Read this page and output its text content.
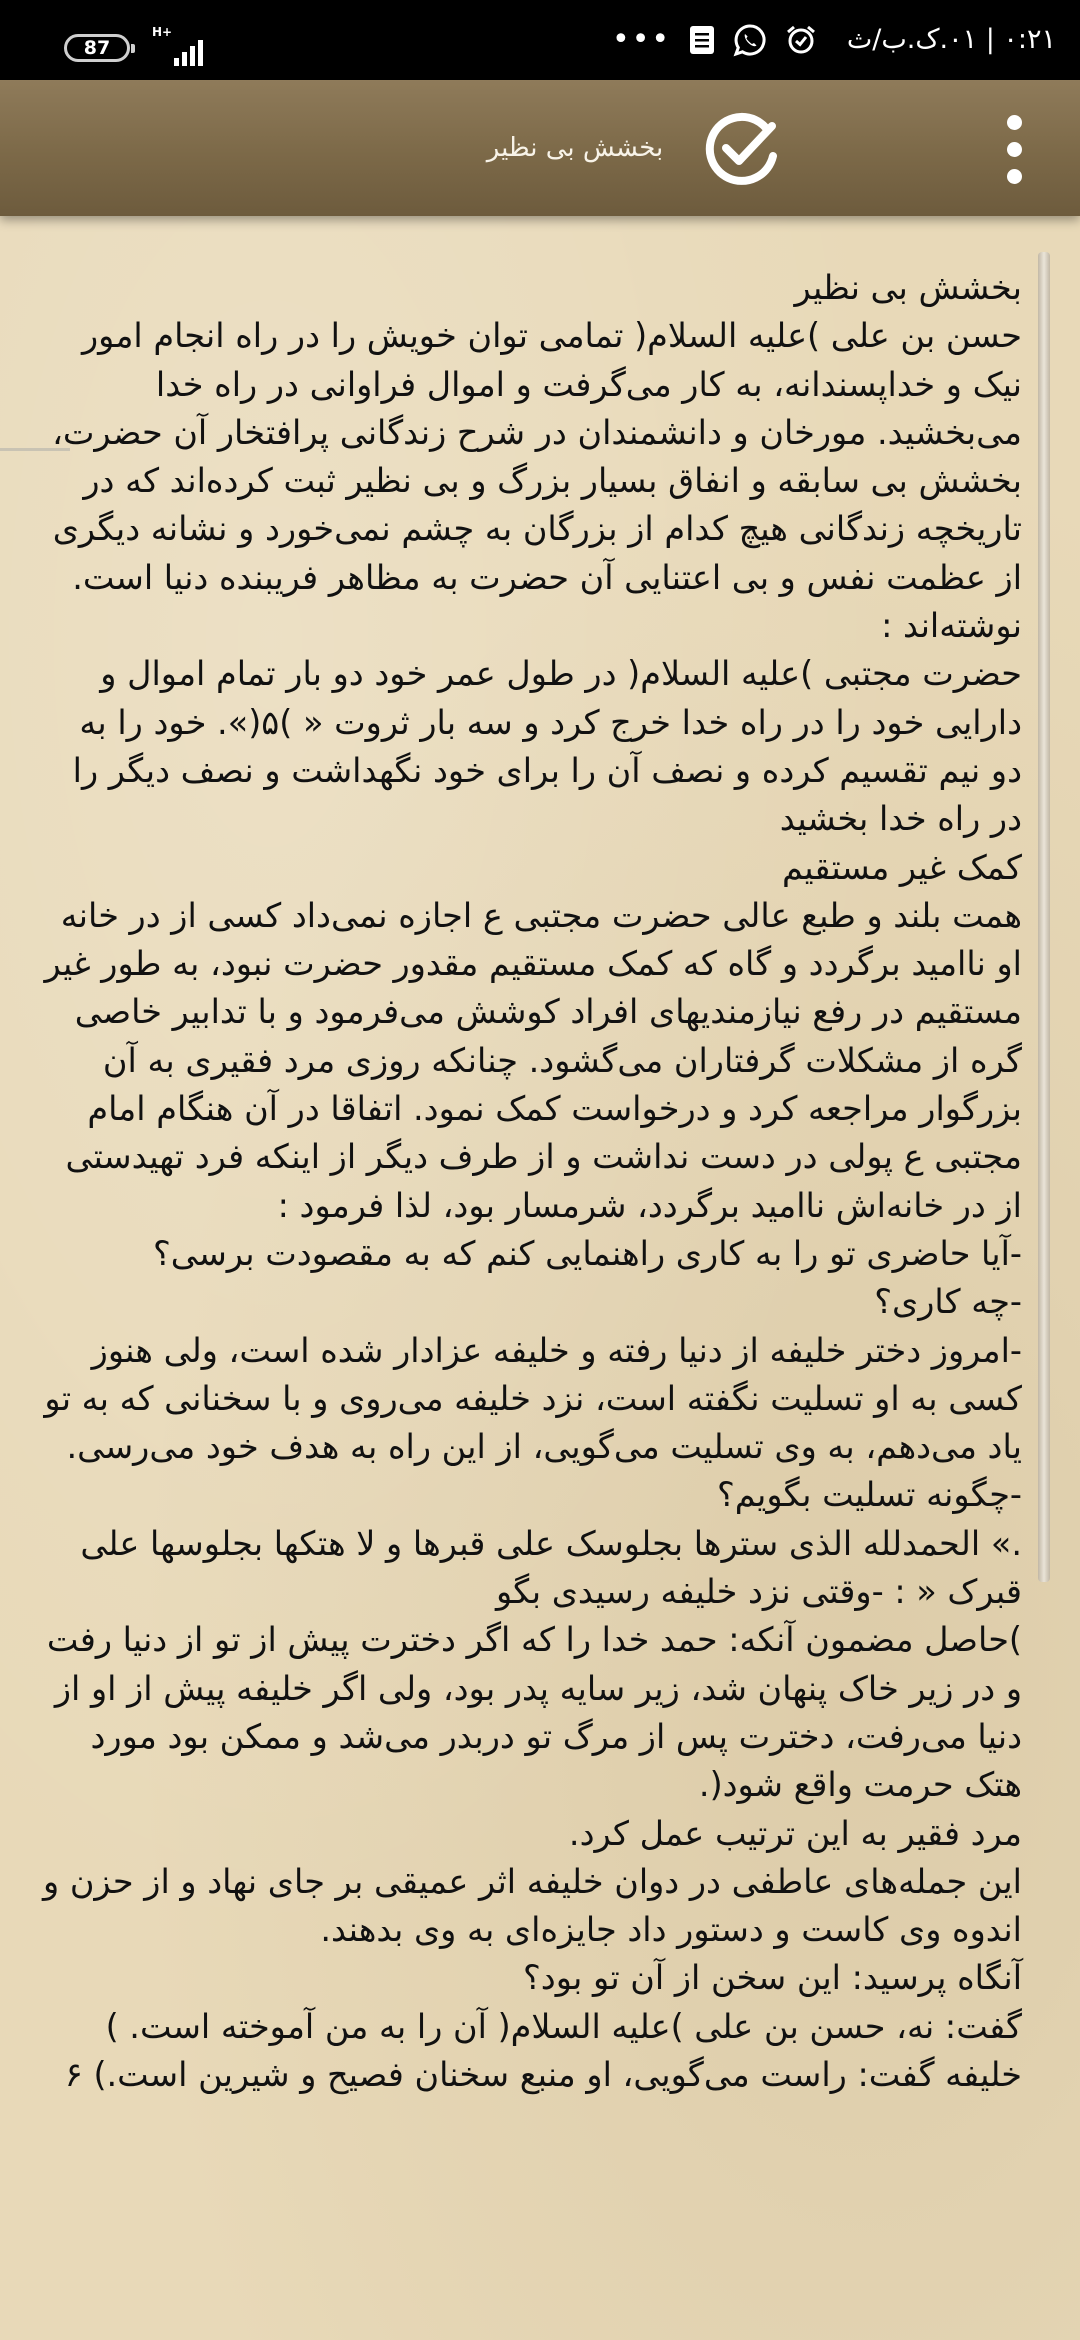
87
H+	•••	۰:۲۱ | ۰۱.ک.ب/ث
بخشش بی نظیر

بخشش بی نظیر
حسن بن علی )علیه السلام( تمامی توان خویش را در راه انجام امور نیک و خداپسندانه، به کار می‌گرفت و اموال فراوانی در راه خدا می‌بخشید. مورخان و دانشمندان در شرح زندگانی پرافتخار آن حضرت، بخشش بی سابقه و انفاق بسیار بزرگ و بی نظیر ثبت کرده‌اند که در تاریخچه زندگانی هیچ کدام از بزرگان به چشم نمی‌خورد و نشانه دیگری از عظمت نفس و بی اعتنایی آن حضرت به مظاهر فریبنده دنیا است. نوشته‌اند :

حضرت مجتبی )علیه السلام( در طول عمر خود دو بار تمام اموال و دارایی خود را در راه خدا خرج کرد و سه بار ثروت « )۵(». خود را به دو نیم تقسیم کرده و نصف آن را برای خود نگهداشت و نصف دیگر را در راه خدا بخشید

کمک غیر مستقیم

همت بلند و طبع عالی حضرت مجتبی ع اجازه نمی‌داد کسی از در خانه او ناامید برگردد و گاه که کمک مستقیم مقدور حضرت نبود، به طور غیر مستقیم در رفع نیازمندیهای افراد کوشش می‌فرمود و با تدابیر خاصی گره از مشکلات گرفتاران می‌گشود. چنانکه روزی مرد فقیری به آن بزرگوار مراجعه کرد و درخواست کمک نمود. اتفاقا در آن هنگام امام مجتبی ع پولی در دست نداشت و از طرف دیگر از اینکه فرد تهیدستی از در خانه‌اش ناامید برگردد، شرمسار بود، لذا فرمود :

-آیا حاضری تو را به کاری راهنمایی کنم که به مقصودت برسی؟

-چه کاری؟

-امروز دختر خلیفه از دنیا رفته و خلیفه عزادار شده است، ولی هنوز کسی به او تسلیت نگفته است، نزد خلیفه می‌روی و با سخنانی که به تو یاد می‌دهم، به وی تسلیت می‌گویی، از این راه به هدف خود می‌رسی.

-چگونه تسلیت بگویم؟

.» الحمدلله الذی سترها بجلوسک علی قبرها و لا هتکها بجلوسها علی قبرک « : -وقتی نزد خلیفه رسیدی بگو

)حاصل مضمون آنکه: حمد خدا را که اگر دخترت پیش از تو از دنیا رفت و در زیر خاک پنهان شد، زیر سایه پدر بود، ولی اگر خلیفه پیش از او از دنیا می‌رفت، دخترت پس از مرگ تو دربدر می‌شد و ممکن بود مورد هتک حرمت واقع شود(.

مرد فقیر به این ترتیب عمل کرد.

این جمله‌های عاطفی در دوان خلیفه اثر عمیقی بر جای نهاد و از حزن و اندوه وی کاست و دستور داد جایزه‌ای به وی بدهند.

آنگاه پرسید: این سخن از آن تو بود؟

گفت: نه، حسن بن علی )علیه السلام( آن را به من آموخته است. ) خلیفه گفت: راست می‌گویی، او منبع سخنان فصیح و شیرین است.) ۶
